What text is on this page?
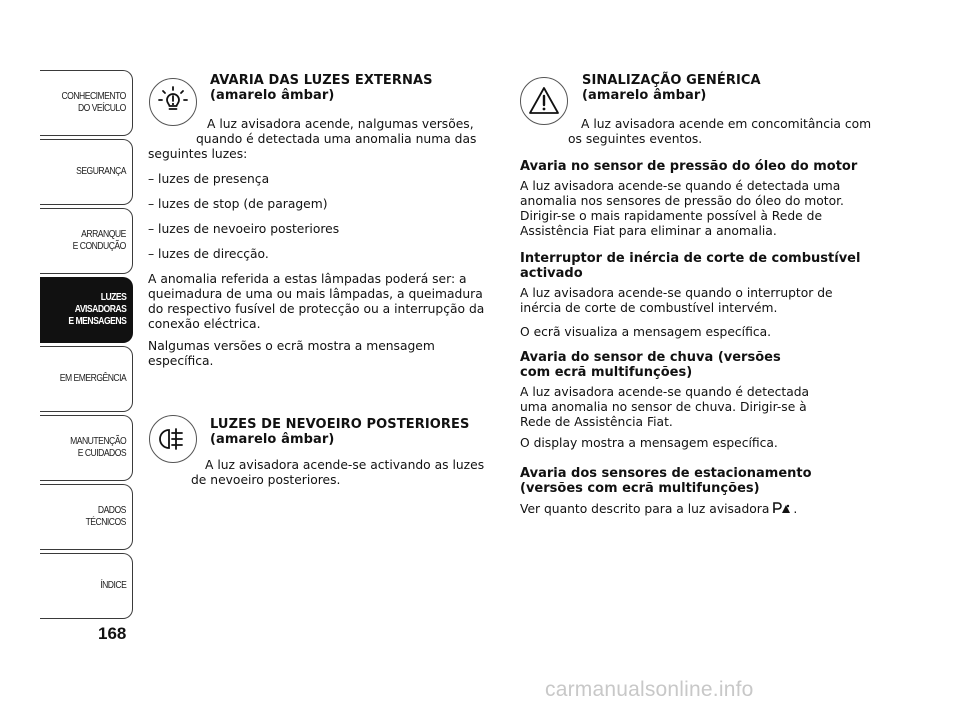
CONHECIMENTO
DO VEÍCULO
SEGURANÇA
ARRANQUE
E CONDUÇÃO
LUZES
AVISADORAS
E MENSAGENS
EM EMERGÊNCIA
MANUTENÇÃO
E CUIDADOS
DADOS
TÉCNICOS
ÍNDICE
168
AVARIA DAS LUZES EXTERNAS
(amarelo âmbar)

A luz avisadora acende, nalgumas versões,

quando é detectada uma anomalia numa das

seguintes luzes:

– luzes de presença

– luzes de stop (de paragem)

– luzes de nevoeiro posteriores

– luzes de direcção.

A anomalia referida a estas lâmpadas poderá ser: a queimadura de uma ou mais lâmpadas, a queimadura do respectivo fusível de protecção ou a interrupção da conexão eléctrica.

Nalgumas versões o ecrã mostra a mensagem específica.

LUZES DE NEVOEIRO POSTERIORES
(amarelo âmbar)

A luz avisadora acende-se activando as luzes

de nevoeiro posteriores.

SINALIZAÇÃO GENÉRICA
(amarelo âmbar)

A luz avisadora acende em concomitância com

os seguintes eventos.

Avaria no sensor de pressão do óleo do motor

A luz avisadora acende-se quando é detectada uma anomalia nos sensores de pressão do óleo do motor. Dirigir-se o mais rapidamente possível à Rede de Assistência Fiat para eliminar a anomalia.

Interruptor de inércia de corte de combustível activado

A luz avisadora acende-se quando o interruptor de inércia de corte de combustível intervém.

O ecrã visualiza a mensagem específica.

Avaria do sensor de chuva (versões com ecrã multifunções)

A luz avisadora acende-se quando é detectada uma anomalia no sensor de chuva. Dirigir-se à Rede de Assistência Fiat.

O display mostra a mensagem específica.

Avaria dos sensores de estacionamento (versões com ecrã multifunções)

Ver quanto descrito para a luz avisadora .

carmanualsonline.info
